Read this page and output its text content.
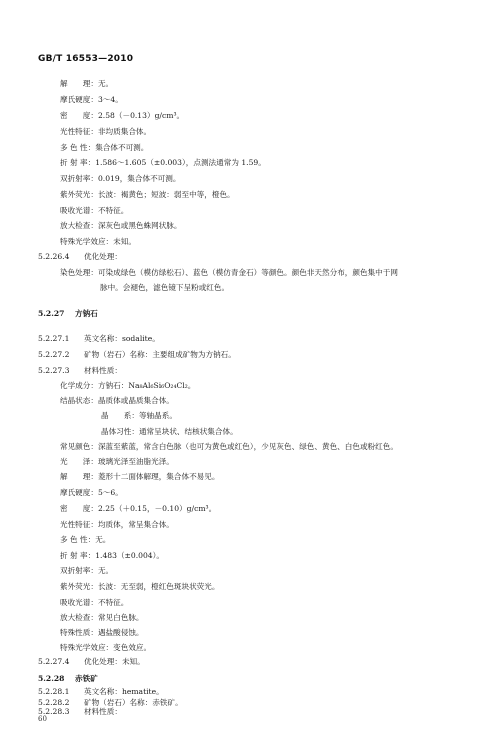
GB/T 16553—2010
解　　理：无。
摩氏硬度：3～4。
密　　度：2.58（－0.13）g/cm³。
光性特征：非均质集合体。
多 色 性：集合体不可测。
折 射 率：1.586～1.605（±0.003），点测法通常为 1.59。
双折射率：0.019，集合体不可测。
紫外荧光：长波：褐黄色；短波：弱至中等，橙色。
吸收光谱：不特征。
放大检查：深灰色或黑色蛛网状脉。
特殊光学效应：未知。
5.2.26.4 优化处理：
染色处理：可染成绿色（模仿绿松石）、蓝色（模仿青金石）等颜色。颜色非天然分布，颜色集中于网
脉中。会褪色，滤色镜下呈粉或红色。
5.2.27 方钠石
5.2.27.1 英文名称：sodalite。
5.2.27.2 矿物（岩石）名称：主要组成矿物为方钠石。
5.2.27.3 材料性质：
化学成分：方钠石：Na₈Al₆Si₆O₂₄Cl₂。
结晶状态：晶质体或晶质集合体。
晶　　系：等轴晶系。
晶体习性：通常呈块状、结核状集合体。
常见颜色：深蓝至紫蓝，常含白色脉（也可为黄色或红色），少见灰色、绿色、黄色、白色或粉红色。
光　　泽：玻璃光泽至油脂光泽。
解　　理：菱形十二面体解理，集合体不易见。
摩氏硬度：5～6。
密　　度：2.25（＋0.15，－0.10）g/cm³。
光性特征：均质体，常呈集合体。
多 色 性：无。
折 射 率：1.483（±0.004）。
双折射率：无。
紫外荧光：长波：无至弱，橙红色斑块状荧光。
吸收光谱：不特征。
放大检查：常见白色脉。
特殊性质：遇盐酸侵蚀。
特殊光学效应：变色效应。
5.2.27.4 优化处理：未知。
5.2.28 赤铁矿
5.2.28.1 英文名称：hematite。
5.2.28.2 矿物（岩石）名称：赤铁矿。
5.2.28.3 材料性质：
60
